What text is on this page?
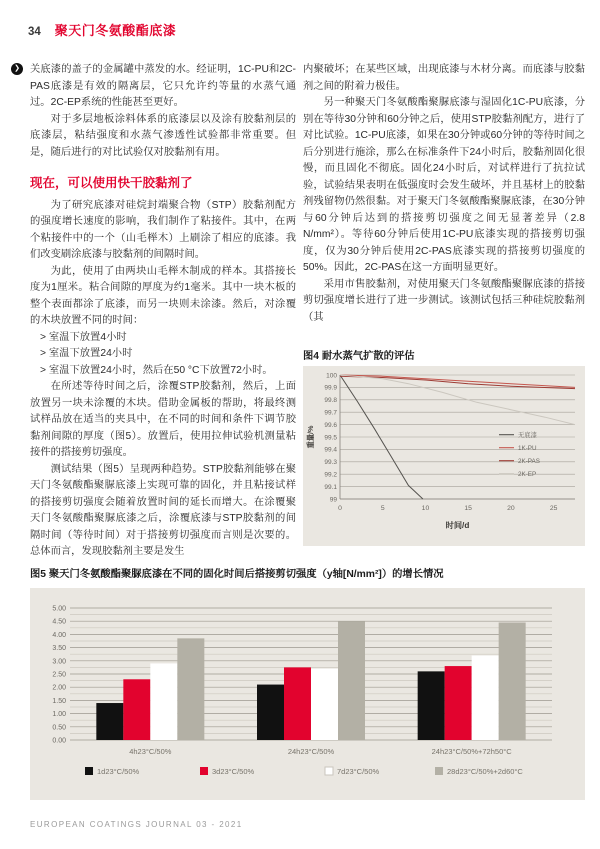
34 聚天门冬氨酸酯底漆
❯ 关底漆的盖子的金属罐中蒸发的水。经证明，1C-PU和2C-PAS底漆是有效的隔离层，它只允许约等量的水蒸气通过。2C-EP系统的性能甚至更好。

对于多层地板涂料体系的底漆层以及涂有胶黏剂层的底漆层，粘结强度和水蒸气渗透性试验都非常重要。但是，随后进行的对比试验仅对胶黏剂有用。

现在，可以使用快干胶黏剂了

为了研究底漆对硅烷封端聚合物（STP）胶黏剂配方的强度增长速度的影响，我们制作了粘接件。其中，在两个粘接件中的一个（山毛榉木）上刷涂了相应的底漆。我们改变刷涂底漆与胶黏剂的间隔时间。

为此，使用了由两块山毛榉木制成的样本。其搭接长度为1厘米。粘合间隙的厚度为约1毫米。其中一块木板的整个表面都涂了底漆，而另一块则未涂漆。然后，对涂覆的木块放置不同的时间：

> 室温下放置4小时

> 室温下放置24小时

> 室温下放置24小时，然后在50 °C下放置72小时。

在所述等待时间之后，涂覆STP胶黏剂，然后，上面放置另一块未涂覆的木块。借助金属板的帮助，将最终测试样品放在适当的夹具中，在不同的时间和条件下调节胶黏剂间隙的厚度（图5）。放置后，使用拉伸试验机测量粘接件的搭接剪切强度。

测试结果（图5）呈现两种趋势。STP胶黏剂能够在聚天门冬氨酸酯聚脲底漆上实现可靠的固化，并且粘接试样的搭接剪切强度会随着放置时间的延长而增大。在涂覆聚天门冬氨酸酯聚脲底漆之后，涂覆底漆与STP胶黏剂的间隔时间（等待时间）对于搭接剪切强度而言则是次要的。总体而言，发现胶黏剂主要是发生

内聚破坏；在某些区域，出现底漆与木材分离。而底漆与胶黏剂之间的附着力极佳。

另一种聚天门冬氨酸酯聚脲底漆与湿固化1C-PU底漆，分别在等待30分钟和60分钟之后，使用STP胶黏剂配方，进行了对比试验。1C-PU底漆，如果在30分钟或60分钟的等待时间之后分别进行施涂，那么在标准条件下24小时后，胶黏剂固化很慢，而且固化不彻底。固化24小时后，对试样进行了抗拉试验，试验结果表明在低强度时会发生破坏，并且基材上的胶黏剂残留物仍然很黏。对于聚天门冬氨酸酯聚脲底漆，在30分钟与60分钟后达到的搭接剪切强度之间无显著差异（2.8 N/mm²）。等待60分钟后使用1C-PU底漆实现的搭接剪切强度，仅为30分钟后使用2C-PAS底漆实现的搭接剪切强度的50%。因此，2C-PAS在这一方面明显更好。

采用市售胶黏剂，对使用聚天门冬氨酸酯聚脲底漆的搭接剪切强度增长进行了进一步测试。该测试包括三种硅烷胶黏剂（其

图4 耐水蒸气扩散的评估
99
99.1
99.2
99.3
99.4
99.5
99.6
99.7
99.8
99.9
100
0	5	10	15	20	25
无底漆
1K-PU
2K-PAS
2K-EP
时间/d
重量/%
图5 聚天门冬氨酸酯聚脲底漆在不同的固化时间后搭接剪切强度（y轴[N/mm²]）的增长情况
0.00
0.50
1.00
1.50
2.00
2.50
3.00
3.50
4.00
4.50
5.00
4h23°C/50%	24h23°C/50%	24h23°C/50%+72h50°C
1d23°C/50%	3d23°C/50%	7d23°C/50%	28d23°C/50%+2d60°C
EUROPEAN COATINGS JOURNAL 03 - 2021
